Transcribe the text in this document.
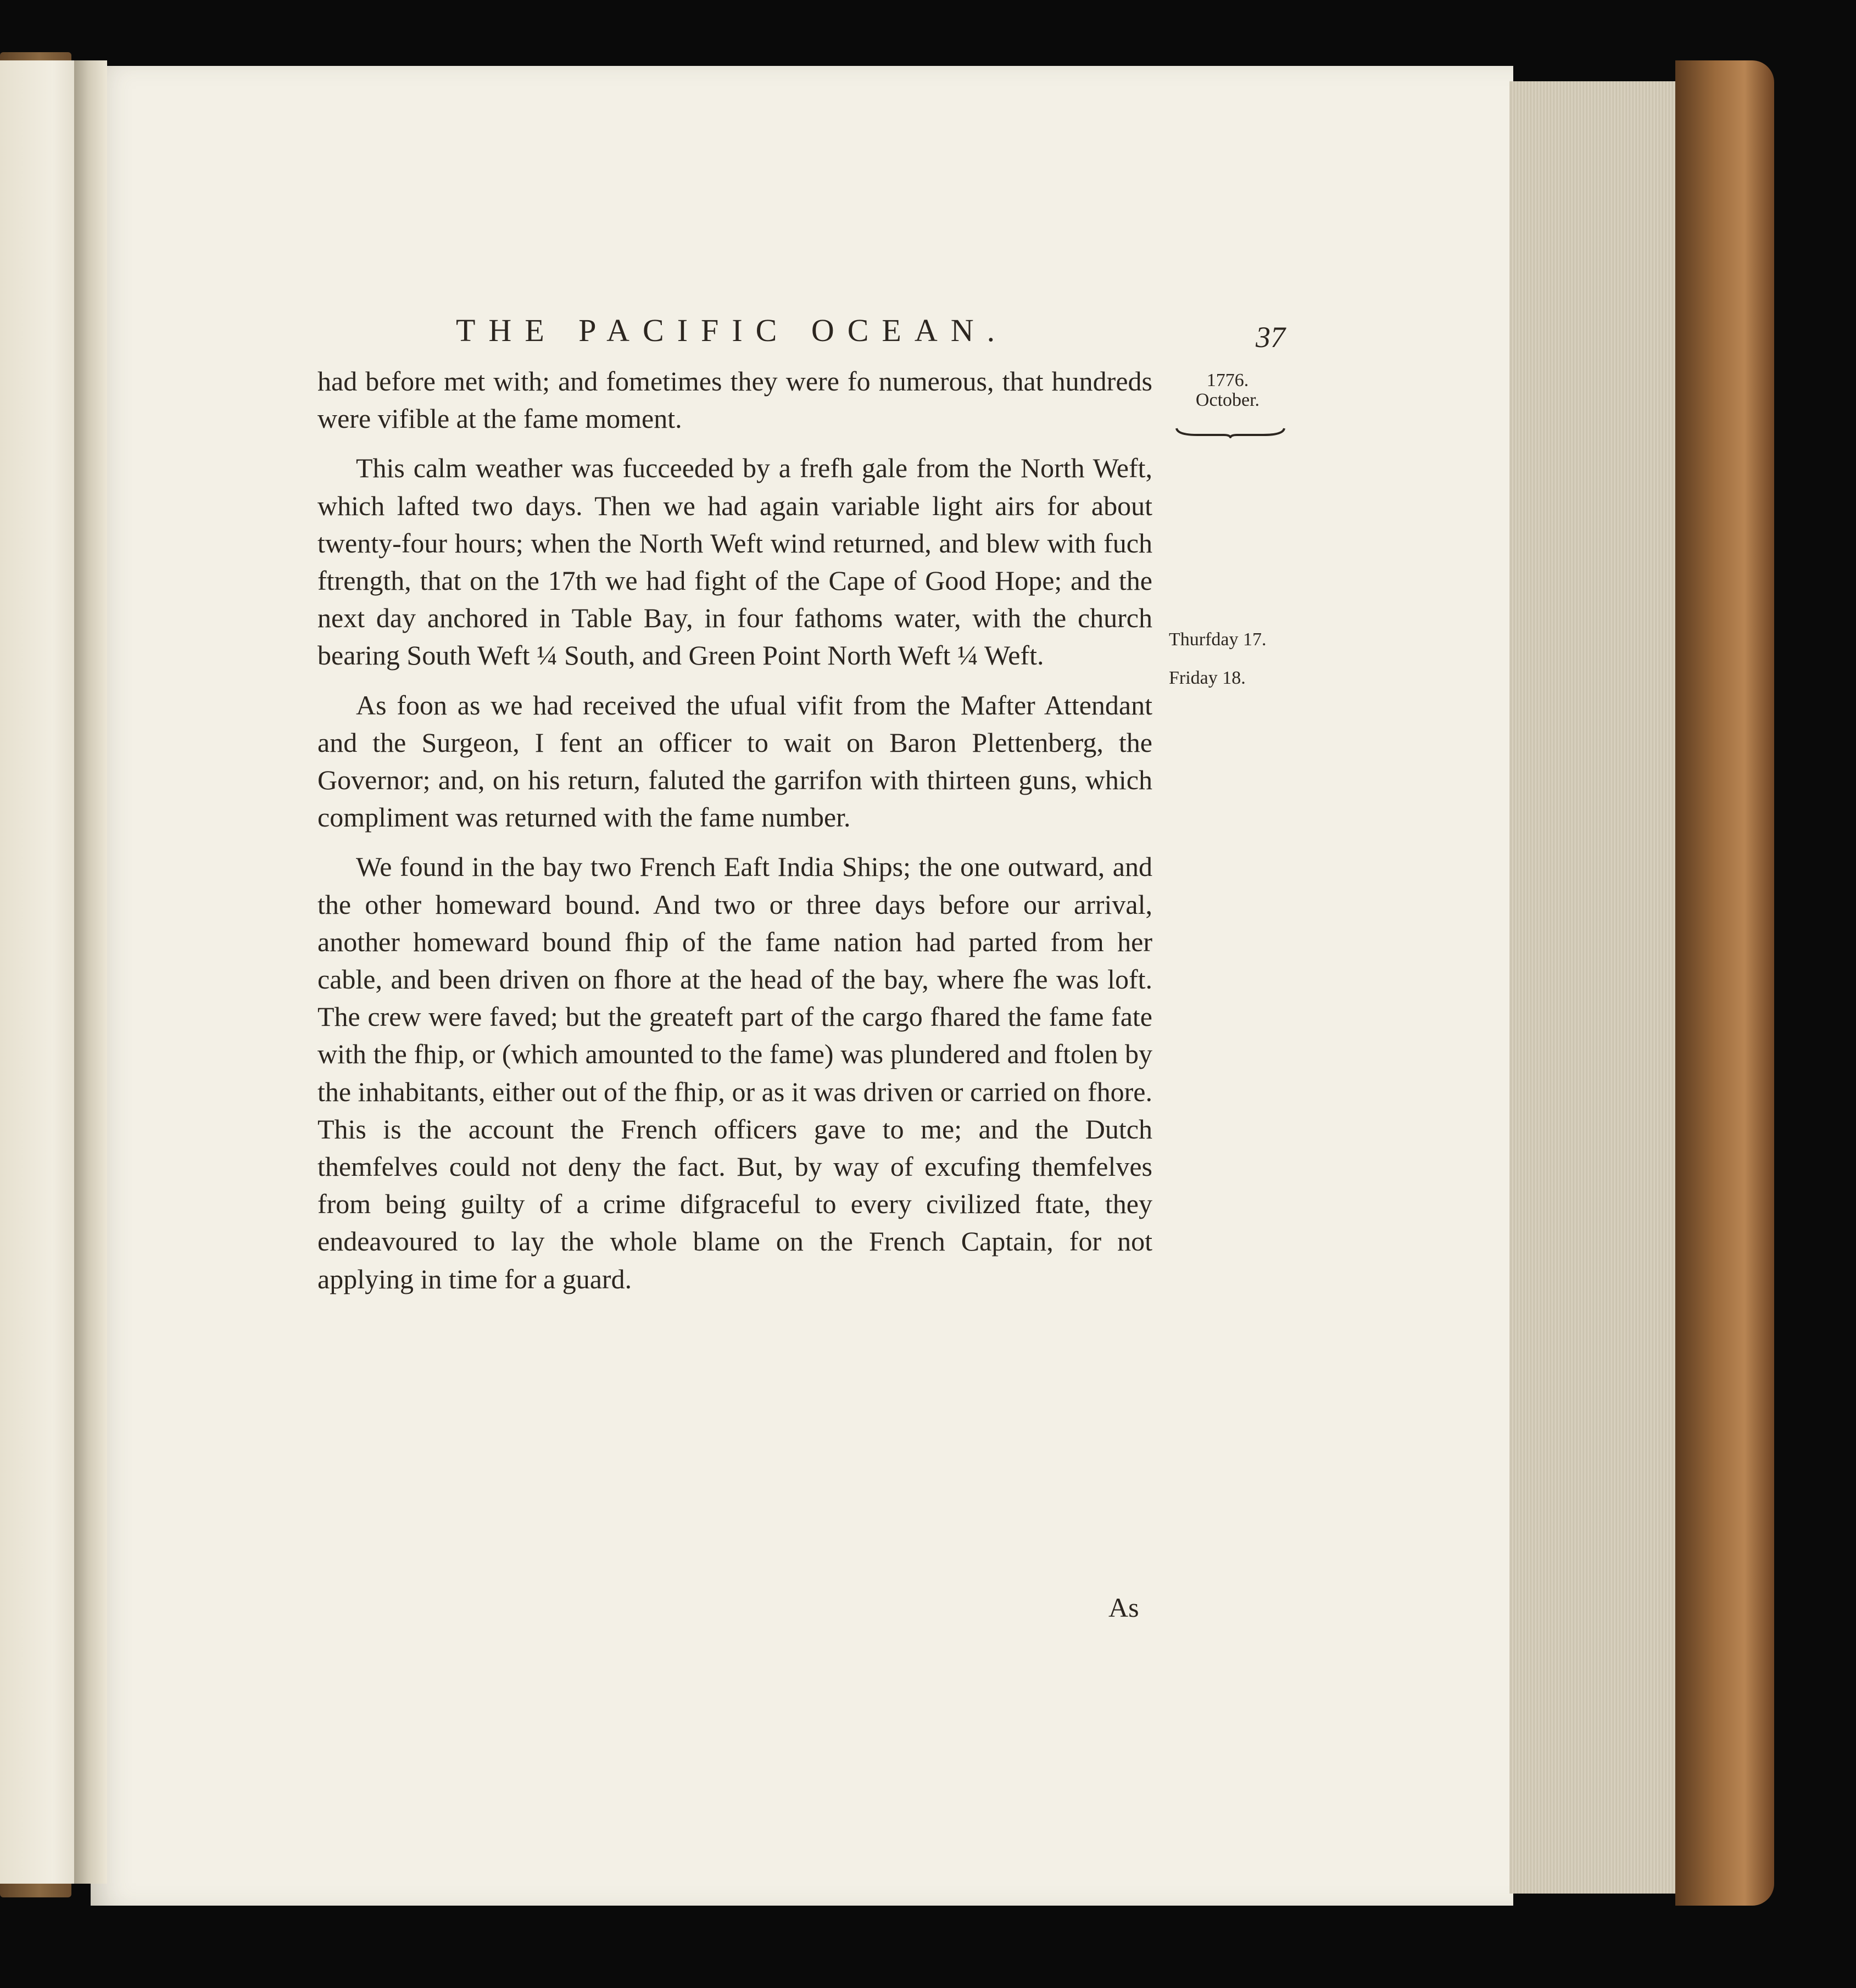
THE PACIFIC OCEAN.	37
1776.
October.
Thurfday 17.
Friday 18.

had before met with; and fometimes they were fo numerous, that hundreds were vifible at the fame moment.

This calm weather was fucceeded by a frefh gale from the North Weft, which lafted two days. Then we had again variable light airs for about twenty-four hours; when the North Weft wind returned, and blew with fuch ftrength, that on the 17th we had fight of the Cape of Good Hope; and the next day anchored in Table Bay, in four fathoms water, with the church bearing South Weft ¼ South, and Green Point North Weft ¼ Weft.

As foon as we had received the ufual vifit from the Mafter Attendant and the Surgeon, I fent an officer to wait on Baron Plettenberg, the Governor; and, on his return, faluted the garrifon with thirteen guns, which compliment was returned with the fame number.

We found in the bay two French Eaft India Ships; the one outward, and the other homeward bound. And two or three days before our arrival, another homeward bound fhip of the fame nation had parted from her cable, and been driven on fhore at the head of the bay, where fhe was loft. The crew were faved; but the greateft part of the cargo fhared the fame fate with the fhip, or (which amounted to the fame) was plundered and ftolen by the inhabitants, either out of the fhip, or as it was driven or carried on fhore. This is the account the French officers gave to me; and the Dutch themfelves could not deny the fact. But, by way of excufing themfelves from being guilty of a crime difgraceful to every civilized ftate, they endeavoured to lay the whole blame on the French Captain, for not applying in time for a guard.

As
